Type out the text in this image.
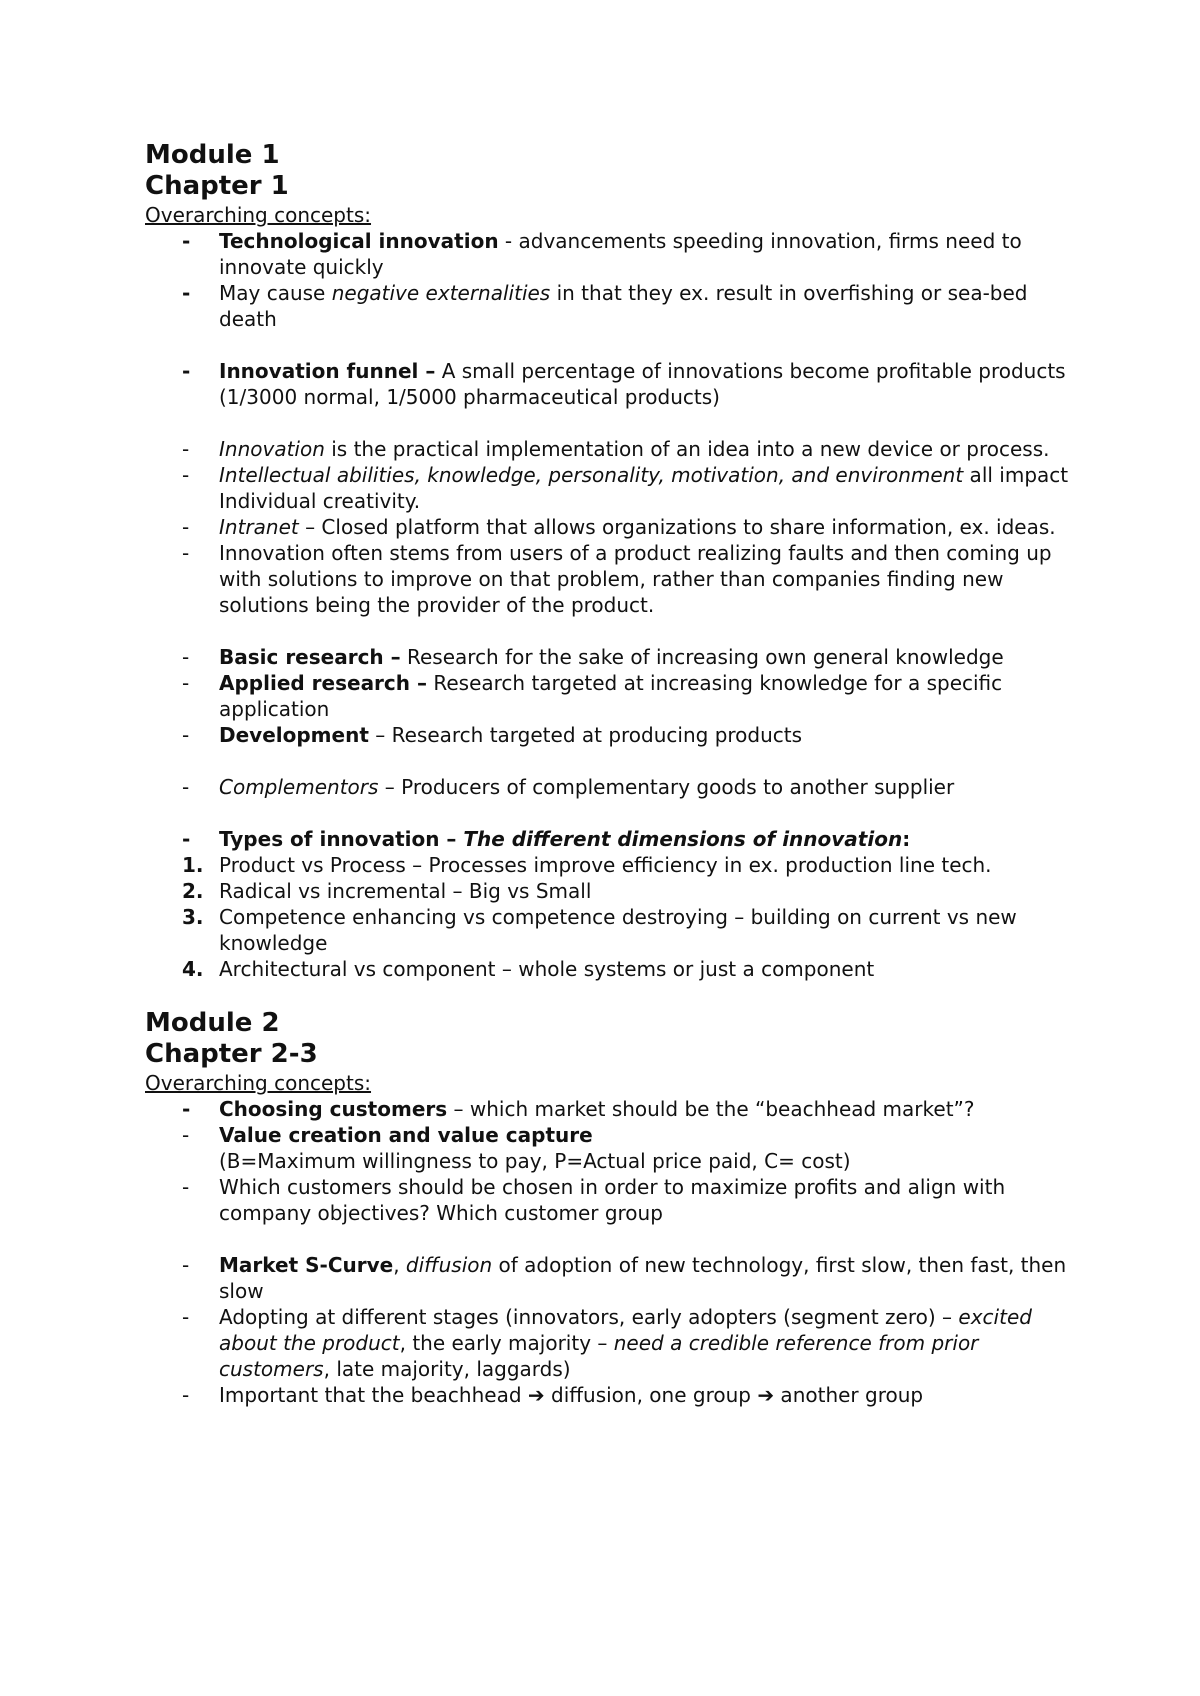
Module 1
Chapter 1

Overarching concepts:

- Technological innovation - advancements speeding innovation, firms need to innovate quickly
- May cause negative externalities in that they ex. result in overfishing or sea-bed death
- Innovation funnel – A small percentage of innovations become profitable products (1/3000 normal, 1/5000 pharmaceutical products)
- Innovation is the practical implementation of an idea into a new device or process.
- Intellectual abilities, knowledge, personality, motivation, and environment all impact Individual creativity.
- Intranet – Closed platform that allows organizations to share information, ex. ideas.
- Innovation often stems from users of a product realizing faults and then coming up with solutions to improve on that problem, rather than companies finding new solutions being the provider of the product.
- Basic research – Research for the sake of increasing own general knowledge
- Applied research – Research targeted at increasing knowledge for a specific application
- Development – Research targeted at producing products
- Complementors – Producers of complementary goods to another supplier
- Types of innovation – The different dimensions of innovation:
1. Product vs Process – Processes improve efficiency in ex. production line tech.
2. Radical vs incremental – Big vs Small
3. Competence enhancing vs competence destroying – building on current vs new knowledge
4. Architectural vs component – whole systems or just a component
Module 2
Chapter 2-3

Overarching concepts:

- Choosing customers – which market should be the “beachhead market”?
- Value creation and value capture
(B=Maximum willingness to pay, P=Actual price paid, C= cost)
- Which customers should be chosen in order to maximize profits and align with company objectives? Which customer group
- Market S-Curve, diffusion of adoption of new technology, first slow, then fast, then slow
- Adopting at different stages (innovators, early adopters (segment zero) – excited about the product, the early majority – need a credible reference from prior customers, late majority, laggards)
- Important that the beachhead ➔ diffusion, one group ➔ another group
